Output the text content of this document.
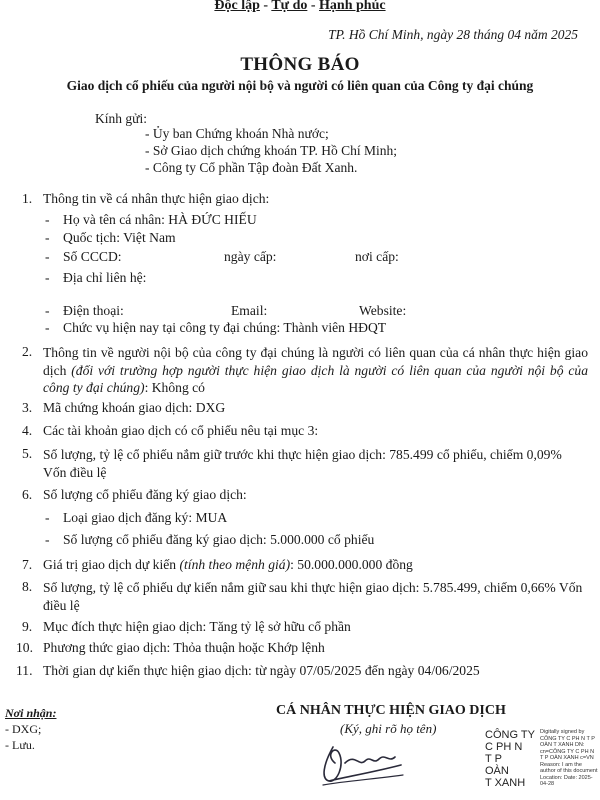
Độc lập - Tự do - Hạnh phúc
TP. Hồ Chí Minh, ngày 28 tháng 04 năm 2025
THÔNG BÁO
Giao dịch cổ phiếu của người nội bộ và người có liên quan của Công ty đại chúng
Kính gửi:
- Ủy ban Chứng khoán Nhà nước;
- Sở Giao dịch chứng khoán TP. Hồ Chí Minh;
- Công ty Cổ phần Tập đoàn Đất Xanh.
1. Thông tin về cá nhân thực hiện giao dịch:
- Họ và tên cá nhân: HÀ ĐỨC HIẾU
- Quốc tịch: Việt Nam
- Số CCCD:	ngày cấp:	nơi cấp:
- Địa chỉ liên hệ:
- Điện thoại:	Email:	Website:
- Chức vụ hiện nay tại công ty đại chúng: Thành viên HĐQT
2. Thông tin về người nội bộ của công ty đại chúng là người có liên quan của cá nhân thực hiện giao dịch (đối với trường hợp người thực hiện giao dịch là người có liên quan của người nội bộ của công ty đại chúng): Không có
3. Mã chứng khoán giao dịch: DXG
4. Các tài khoản giao dịch có cổ phiếu nêu tại mục 3:
5. Số lượng, tỷ lệ cổ phiếu nắm giữ trước khi thực hiện giao dịch: 785.499 cổ phiếu, chiếm 0,09% Vốn điều lệ
6. Số lượng cổ phiếu đăng ký giao dịch:
- Loại giao dịch đăng ký: MUA
- Số lượng cổ phiếu đăng ký giao dịch: 5.000.000 cổ phiếu
7. Giá trị giao dịch dự kiến (tính theo mệnh giá): 50.000.000.000 đồng
8. Số lượng, tỷ lệ cổ phiếu dự kiến nắm giữ sau khi thực hiện giao dịch: 5.785.499, chiếm 0,66% Vốn điều lệ
9. Mục đích thực hiện giao dịch: Tăng tỷ lệ sở hữu cổ phần
10. Phương thức giao dịch: Thỏa thuận hoặc Khớp lệnh
11. Thời gian dự kiến thực hiện giao dịch: từ ngày 07/05/2025 đến ngày 04/06/2025
Nơi nhận:
- DXG;
- Lưu.
CÁ NHÂN THỰC HIỆN GIAO DỊCH
(Ký, ghi rõ họ tên)	CÔNG TY
C PH N
T P
OÀN
T XANH
Digitally signed by CÔNG TY C PH N T P OÀN T XANH DN: cn=CÔNG TY C PH N T P OÀN XANH c=VN Reason: I am the author of this document Location: Date: 2025-04-28
